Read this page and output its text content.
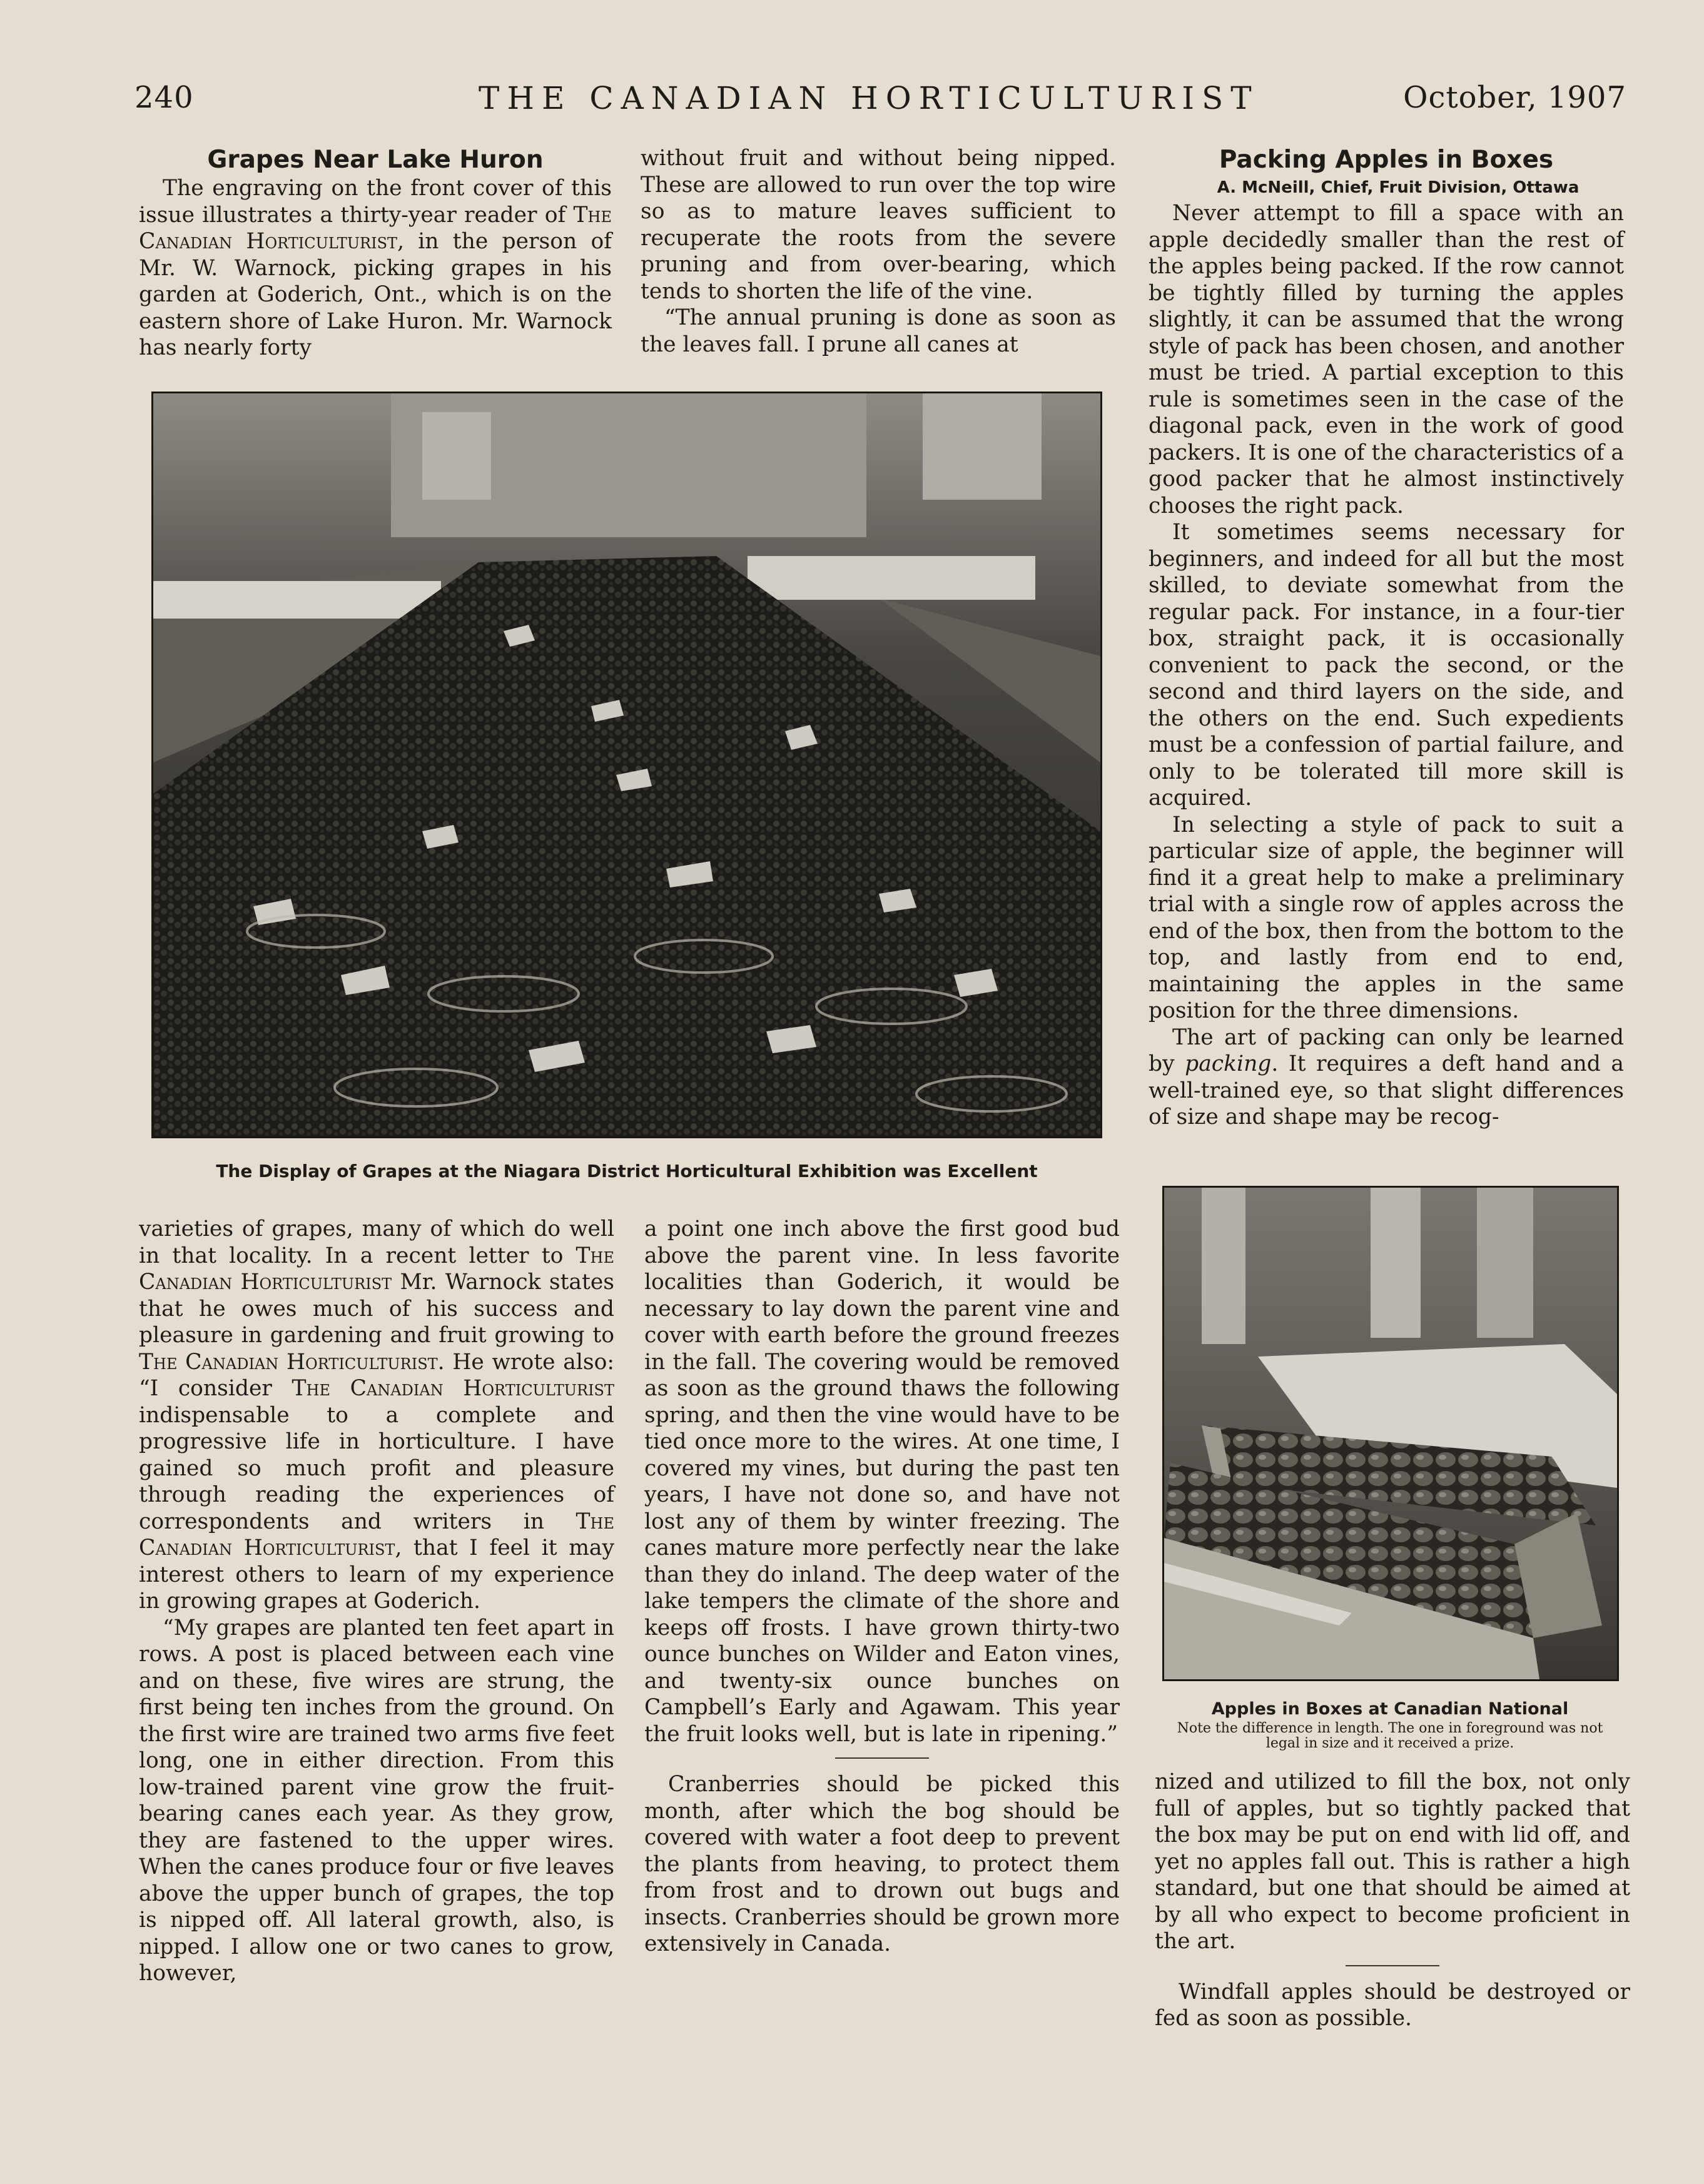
240	THE CANADIAN HORTICULTURIST	October, 1907
Grapes Near Lake Huron

The engraving on the front cover of this issue illustrates a thirty-year reader of The Canadian Horticulturist, in the person of Mr. W. Warnock, picking grapes in his garden at Goderich, Ont., which is on the eastern shore of Lake Huron. Mr. Warnock has nearly forty

without fruit and without being nipped. These are allowed to run over the top wire so as to mature leaves sufficient to recuperate the roots from the severe pruning and from over-bearing, which tends to shorten the life of the vine.

“The annual pruning is done as soon as the leaves fall. I prune all canes at

The Display of Grapes at the Niagara District Horticultural Exhibition was Excellent

varieties of grapes, many of which do well in that locality. In a recent letter to The Canadian Horticulturist Mr. Warnock states that he owes much of his success and pleasure in gardening and fruit growing to The Canadian Horticulturist. He wrote also: “I consider The Canadian Horticulturist indispensable to a complete and progressive life in horticulture. I have gained so much profit and pleasure through reading the experiences of correspondents and writers in The Canadian Horticulturist, that I feel it may interest others to learn of my experience in growing grapes at Goderich.

“My grapes are planted ten feet apart in rows. A post is placed between each vine and on these, five wires are strung, the first being ten inches from the ground. On the first wire are trained two arms five feet long, one in either direction. From this low-trained parent vine grow the fruit-bearing canes each year. As they grow, they are fastened to the upper wires. When the canes produce four or five leaves above the upper bunch of grapes, the top is nipped off. All lateral growth, also, is nipped. I allow one or two canes to grow, however,

a point one inch above the first good bud above the parent vine. In less favorite localities than Goderich, it would be necessary to lay down the parent vine and cover with earth before the ground freezes in the fall. The covering would be removed as soon as the ground thaws the following spring, and then the vine would have to be tied once more to the wires. At one time, I covered my vines, but during the past ten years, I have not done so, and have not lost any of them by winter freezing. The canes mature more perfectly near the lake than they do inland. The deep water of the lake tempers the climate of the shore and keeps off frosts. I have grown thirty-two ounce bunches on Wilder and Eaton vines, and twenty-six ounce bunches on Campbell’s Early and Agawam. This year the fruit looks well, but is late in ripening.”

Cranberries should be picked this month, after which the bog should be covered with water a foot deep to prevent the plants from heaving, to protect them from frost and to drown out bugs and insects. Cranberries should be grown more extensively in Canada.

Packing Apples in Boxes

A. McNeill, Chief, Fruit Division, Ottawa

Never attempt to fill a space with an apple decidedly smaller than the rest of the apples being packed. If the row cannot be tightly filled by turning the apples slightly, it can be assumed that the wrong style of pack has been chosen, and another must be tried. A partial exception to this rule is sometimes seen in the case of the diagonal pack, even in the work of good packers. It is one of the characteristics of a good packer that he almost instinctively chooses the right pack.

It sometimes seems necessary for beginners, and indeed for all but the most skilled, to deviate somewhat from the regular pack. For instance, in a four-tier box, straight pack, it is occasionally convenient to pack the second, or the second and third layers on the side, and the others on the end. Such expedients must be a confession of partial failure, and only to be tolerated till more skill is acquired.

In selecting a style of pack to suit a particular size of apple, the beginner will find it a great help to make a preliminary trial with a single row of apples across the end of the box, then from the bottom to the top, and lastly from end to end, maintaining the apples in the same position for the three dimensions.

The art of packing can only be learned by packing. It requires a deft hand and a well-trained eye, so that slight differences of size and shape may be recog-

Apples in Boxes at Canadian National
Note the difference in length. The one in foreground was not legal in size and it received a prize.

nized and utilized to fill the box, not only full of apples, but so tightly packed that the box may be put on end with lid off, and yet no apples fall out. This is rather a high standard, but one that should be aimed at by all who expect to become proficient in the art.

Windfall apples should be destroyed or fed as soon as possible.
